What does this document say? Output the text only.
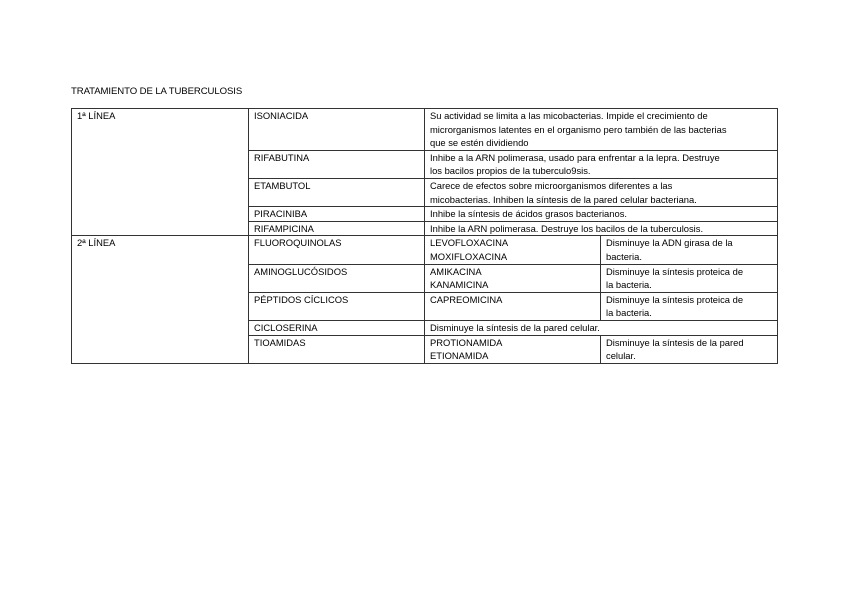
TRATAMIENTO DE LA TUBERCULOSIS
1ª LÍNEA	ISONIACIDA	Su actividad se limita a las micobacterias. Impide el crecimiento de
microrganismos latentes en el organismo pero también de las bacterias
que se estén dividiendo	

	RIFABUTINA	Inhibe a la ARN polimerasa, usado para enfrentar a la lepra. Destruye
los bacilos propios de la tuberculo9sis.	

	ETAMBUTOL	Carece de efectos sobre microorganismos diferentes a las
micobacterias. Inhiben la síntesis de la pared celular bacteriana.	

	PIRACINIBA	Inhibe la síntesis de ácidos grasos bacterianos.	

	RIFAMPICINA	Inhibe la ARN polimerasa. Destruye los bacilos de la tuberculosis.	

2ª LÍNEA	FLUOROQUINOLAS	LEVOFLOXACINA
MOXIFLOXACINA	Disminuye la ADN girasa de la
bacteria.

	AMINOGLUCÓSIDOS	AMIKACINA
KANAMICINA	Disminuye la síntesis proteica de
la bacteria.

	PÉPTIDOS CÍCLICOS	CAPREOMICINA	Disminuye la síntesis proteica de
la bacteria.

	CICLOSERINA	Disminuye la síntesis de la pared celular.	

	TIOAMIDAS	PROTIONAMIDA
ETIONAMIDA	Disminuye la síntesis de la pared
celular.
